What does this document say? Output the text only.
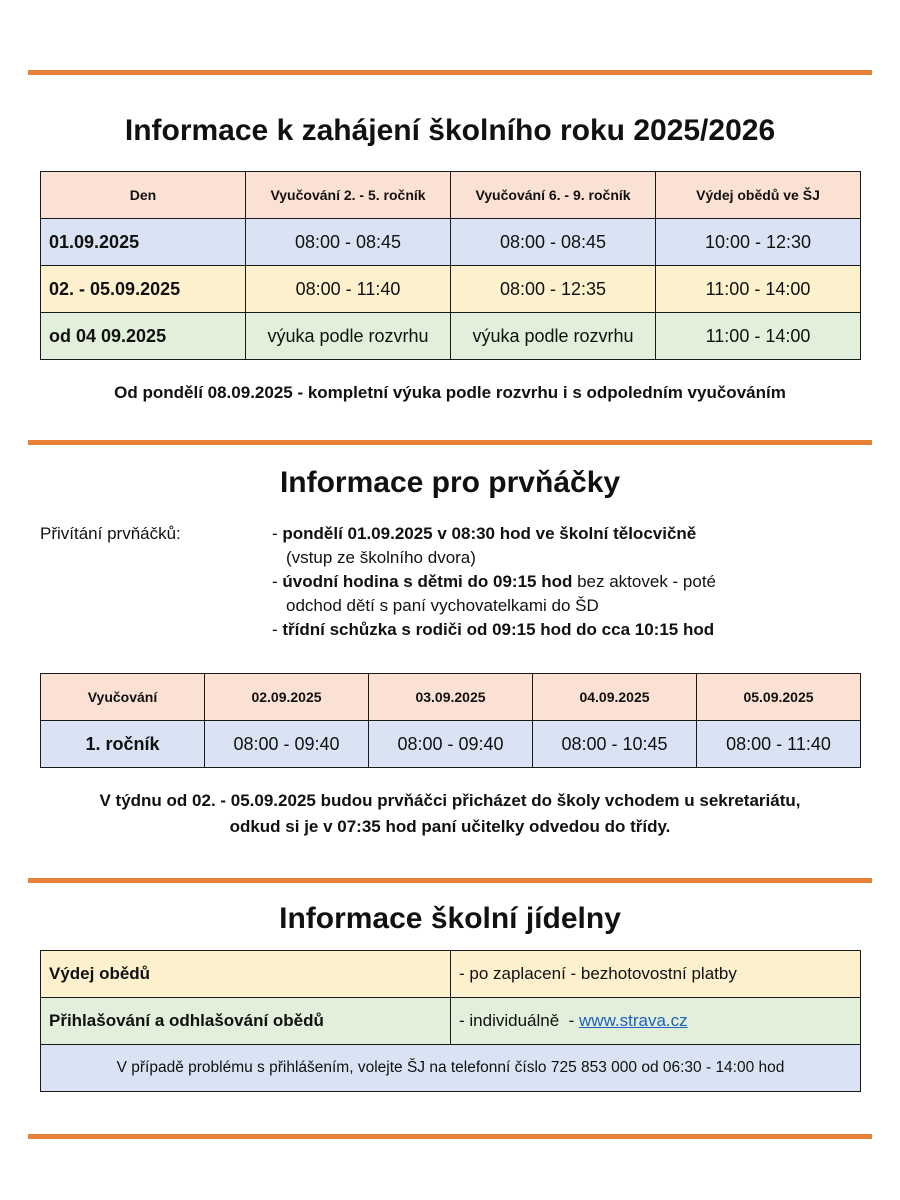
Informace k zahájení školního roku 2025/2026
Den	Vyučování 2. - 5. ročník	Vyučování 6. - 9. ročník	Výdej obědů ve ŠJ
01.09.2025	08:00 - 08:45	08:00 - 08:45	10:00 - 12:30
02. - 05.09.2025	08:00 - 11:40	08:00 - 12:35	11:00 - 14:00
od 04 09.2025	výuka podle rozvrhu	výuka podle rozvrhu	11:00 - 14:00
Od pondělí 08.09.2025 - kompletní výuka podle rozvrhu i s odpoledním vyučováním
Informace pro prvňáčky
Přivítání prvňáčků:	- pondělí 01.09.2025 v 08:30 hod ve školní tělocvičně
(vstup ze školního dvora)
- úvodní hodina s dětmi do 09:15 hod bez aktovek - poté
odchod dětí s paní vychovatelkami do ŠD
- třídní schůzka s rodiči od 09:15 hod do cca 10:15 hod
Vyučování	02.09.2025	03.09.2025	04.09.2025	05.09.2025
1. ročník	08:00 - 09:40	08:00 - 09:40	08:00 - 10:45	08:00 - 11:40
V týdnu od 02. - 05.09.2025 budou prvňáčci přicházet do školy vchodem u sekretariátu,
odkud si je v 07:35 hod paní učitelky odvedou do třídy.
Informace školní jídelny
Výdej obědů	- po zaplacení - bezhotovostní platby
Přihlašování a odhlašování obědů	- individuálně  - www.strava.cz
V případě problému s přihlášením, volejte ŠJ na telefonní číslo 725 853 000 od 06:30 - 14:00 hod	
